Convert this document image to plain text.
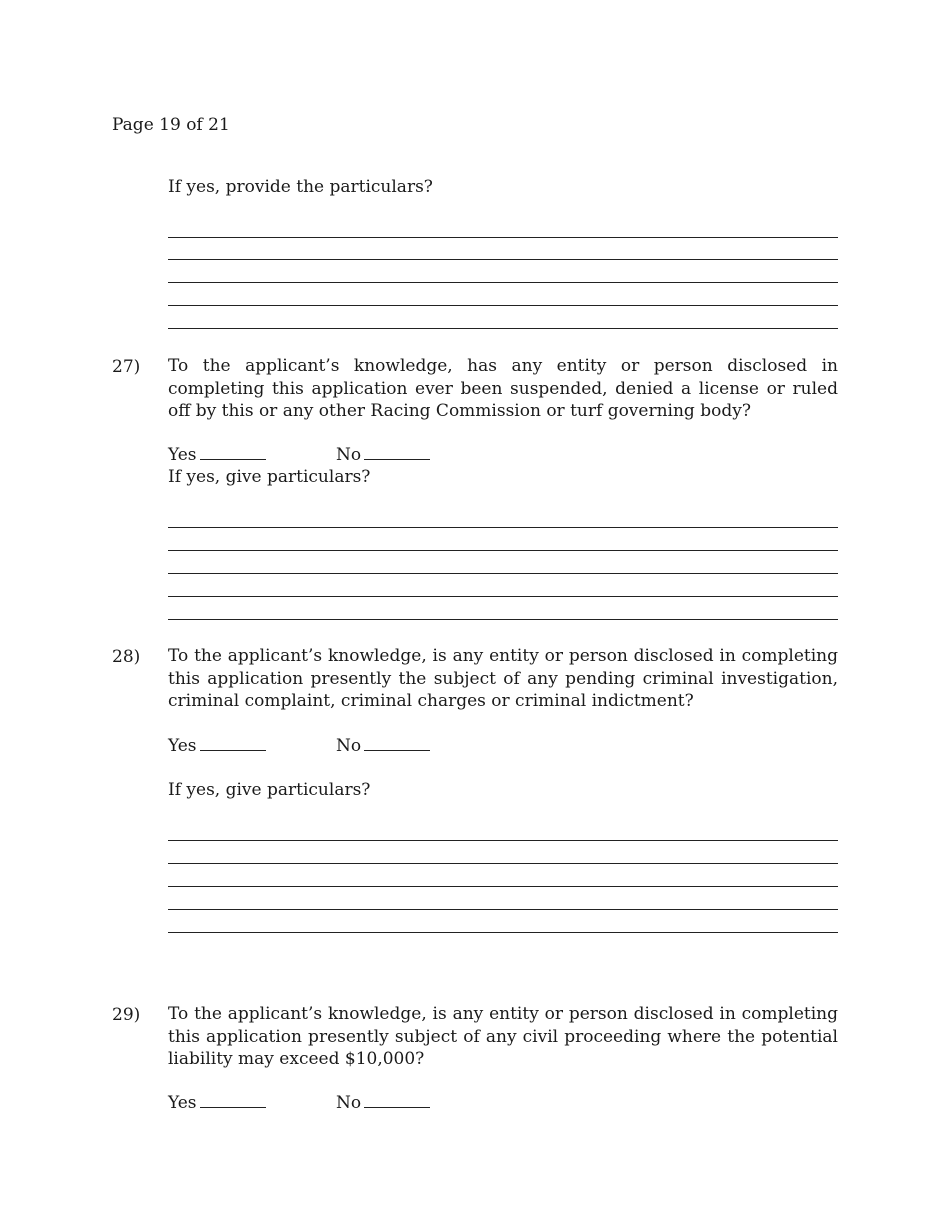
Page 19 of 21
If yes, provide the particulars?
27) To the applicant’s knowledge, has any entity or person disclosed in completing this application ever been suspended, denied a license or ruled off by this or any other Racing Commission or turf governing body?
Yes	No
If yes, give particulars?
28) To the applicant’s knowledge, is any entity or person disclosed in completing this application presently the subject of any pending criminal investigation, criminal complaint, criminal charges or criminal indictment?
Yes	No
If yes, give particulars?
29) To the applicant’s knowledge, is any entity or person disclosed in completing this application presently subject of any civil proceeding where the potential liability may exceed $10,000?
Yes	No
